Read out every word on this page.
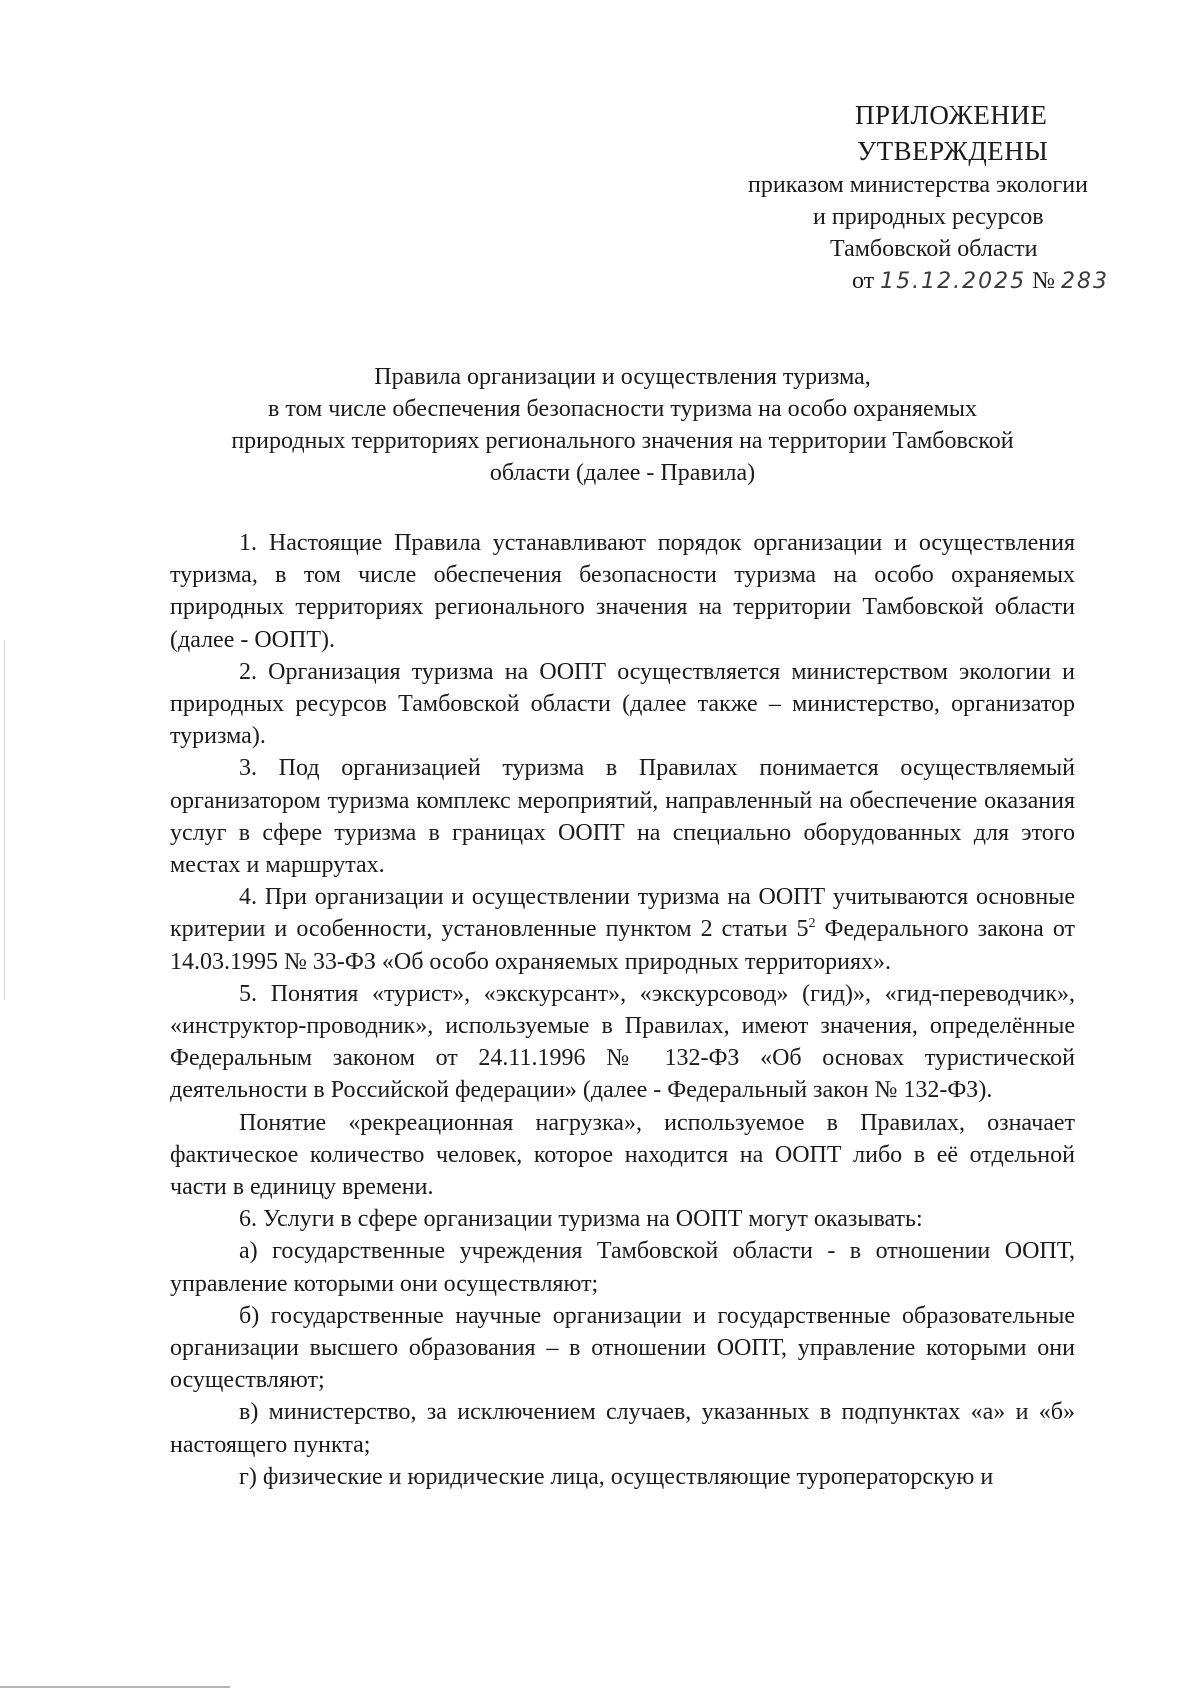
ПРИЛОЖЕНИЕ
УТВЕРЖДЕНЫ
приказом министерства экологии
и природных ресурсов
Тамбовской области
от 15.12.2025 № 283
Правила организации и осуществления туризма,
в том числе обеспечения безопасности туризма на особо охраняемых
природных территориях регионального значения на территории Тамбовской
области (далее - Правила)

1. Настоящие Правила устанавливают порядок организации и осуществления туризма, в том числе обеспечения безопасности туризма на особо охраняемых природных территориях регионального значения на территории Тамбовской области (далее - ООПТ).

2. Организация туризма на ООПТ осуществляется министерством экологии и природных ресурсов Тамбовской области (далее также – министерство, организатор туризма).

3. Под организацией туризма в Правилах понимается осуществляемый организатором туризма комплекс мероприятий, направленный на обеспечение оказания услуг в сфере туризма в границах ООПТ на специально оборудованных для этого местах и маршрутах.

4. При организации и осуществлении туризма на ООПТ учитываются основные критерии и особенности, установленные пунктом 2 статьи $5^2$ Федерального закона от 14.03.1995 № 33-ФЗ «Об особо охраняемых природных территориях».

5. Понятия «турист», «экскурсант», «экскурсовод» (гид)», «гид-переводчик», «инструктор-проводник», используемые в Правилах, имеют значения, определённые Федеральным законом от 24.11.1996 № 132-ФЗ «Об основах туристической деятельности в Российской федерации» (далее - Федеральный закон № 132-ФЗ).

Понятие «рекреационная нагрузка», используемое в Правилах, означает фактическое количество человек, которое находится на ООПТ либо в её отдельной части в единицу времени.

6. Услуги в сфере организации туризма на ООПТ могут оказывать:

а) государственные учреждения Тамбовской области - в отношении ООПТ, управление которыми они осуществляют;

б) государственные научные организации и государственные образовательные организации высшего образования – в отношении ООПТ, управление которыми они осуществляют;

в) министерство, за исключением случаев, указанных в подпунктах «а» и «б» настоящего пункта;

г) физические и юридические лица, осуществляющие туроператорскую и
